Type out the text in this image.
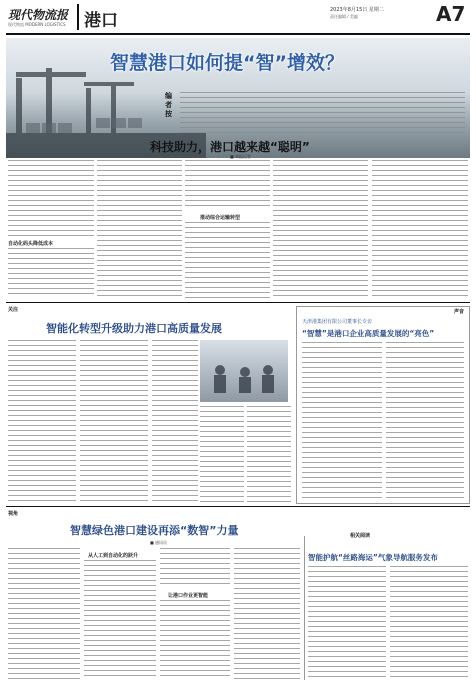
现代物流报
现代物流 MODERN LOGISTICS 港口
2023年8月15日 星期二
责任编辑 / 美编	A7
智慧港口如何提“智”增效？
编者按
科技助力，港口越来越“聪明”
■ 本报记者
自动化码头降低成本
推动综合运输转型
关注
智能化转型升级助力港口高质量发展
声音
天津港集团有限公司董事长专访
“智慧”是港口企业高质量发展的“亮色”
视角
智慧绿色港口建设再添“数智”力量
■ 通讯员
从人工到自动化的跃升
让港口作业更智能
相关阅读
智能护航“丝路海运”气象导航服务发布
